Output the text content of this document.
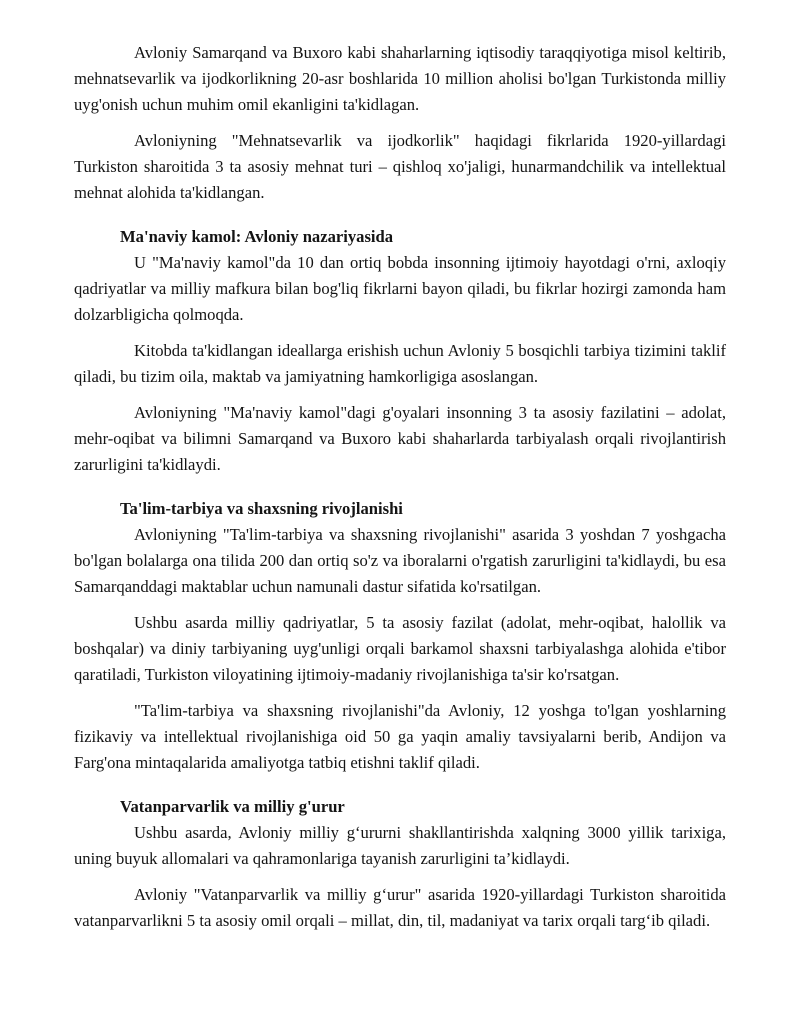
Avloniy Samarqand va Buxoro kabi shaharlarning iqtisodiy taraqqiyotiga misol keltirib, mehnatsevarlik va ijodkorlikning 20-asr boshlarida 10 million aholisi bo'lgan Turkistonda milliy uyg'onish uchun muhim omil ekanligini ta'kidlagan.

Avloniyning "Mehnatsevarlik va ijodkorlik" haqidagi fikrlarida 1920-yillardagi Turkiston sharoitida 3 ta asosiy mehnat turi – qishloq xo'jaligi, hunarmandchilik va intellektual mehnat alohida ta'kidlangan.

Ma'naviy kamol: Avloniy nazariyasida

U "Ma'naviy kamol"da 10 dan ortiq bobda insonning ijtimoiy hayotdagi o'rni, axloqiy qadriyatlar va milliy mafkura bilan bog'liq fikrlarni bayon qiladi, bu fikrlar hozirgi zamonda ham dolzarbligicha qolmoqda.

Kitobda ta'kidlangan ideallarga erishish uchun Avloniy 5 bosqichli tarbiya tizimini taklif qiladi, bu tizim oila, maktab va jamiyatning hamkorligiga asoslangan.

Avloniyning "Ma'naviy kamol"dagi g'oyalari insonning 3 ta asosiy fazilatini – adolat, mehr-oqibat va bilimni Samarqand va Buxoro kabi shaharlarda tarbiyalash orqali rivojlantirish zarurligini ta'kidlaydi.

Ta'lim-tarbiya va shaxsning rivojlanishi

Avloniyning "Ta'lim-tarbiya va shaxsning rivojlanishi" asarida 3 yoshdan 7 yoshgacha bo'lgan bolalarga ona tilida 200 dan ortiq so'z va iboralarni o'rgatish zarurligini ta'kidlaydi, bu esa Samarqanddagi maktablar uchun namunali dastur sifatida ko'rsatilgan.

Ushbu asarda milliy qadriyatlar, 5 ta asosiy fazilat (adolat, mehr-oqibat, halollik va boshqalar) va diniy tarbiyaning uyg'unligi orqali barkamol shaxsni tarbiyalashga alohida e'tibor qaratiladi, Turkiston viloyatining ijtimoiy-madaniy rivojlanishiga ta'sir ko'rsatgan.

"Ta'lim-tarbiya va shaxsning rivojlanishi"da Avloniy, 12 yoshga to'lgan yoshlarning fizikaviy va intellektual rivojlanishiga oid 50 ga yaqin amaliy tavsiyalarni berib, Andijon va Farg'ona mintaqalarida amaliyotga tatbiq etishni taklif qiladi.

Vatanparvarlik va milliy g'urur

Ushbu asarda, Avloniy milliy g‘ururni shakllantirishda xalqning 3000 yillik tarixiga, uning buyuk allomalari va qahramonlariga tayanish zarurligini ta’kidlaydi.

Avloniy "Vatanparvarlik va milliy g‘urur" asarida 1920-yillardagi Turkiston sharoitida vatanparvarlikni 5 ta asosiy omil orqali – millat, din, til, madaniyat va tarix orqali targ‘ib qiladi.
